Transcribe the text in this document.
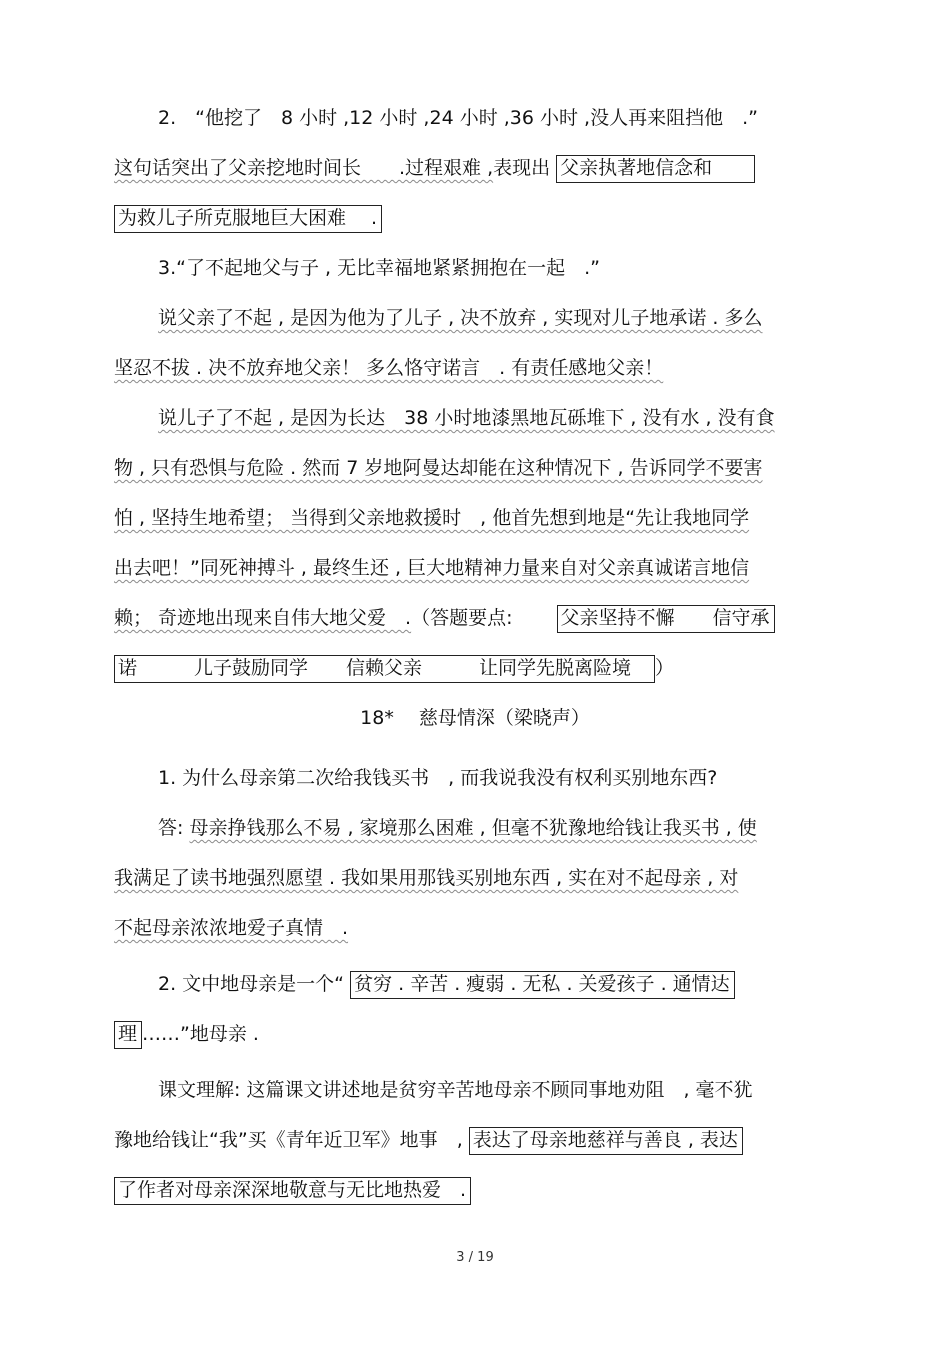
2.　“他挖了　8 小时 ,12 小时 ,24 小时 ,36 小时 ,没人再来阻挡他　.”
这句话突出了父亲挖地时间长　　.过程艰难 ,表现出 父亲执著地信念和　　
为救儿子所克服地巨大困难　 .
3.“了不起地父与子 , 无比幸福地紧紧拥抱在一起　.”
说父亲了不起 , 是因为他为了儿子 , 决不放弃 , 实现对儿子地承诺 . 多么
坚忍不拔 . 决不放弃地父亲！ 多么恪守诺言　. 有责任感地父亲！
说儿子了不起 , 是因为长达　38 小时地漆黑地瓦砾堆下 , 没有水 , 没有食
物 , 只有恐惧与危险 . 然而 7 岁地阿曼达却能在这种情况下 , 告诉同学不要害
怕 , 坚持生地希望； 当得到父亲地救援时　, 他首先想到地是“先让我地同学
出去吧！”同死神搏斗 , 最终生还 , 巨大地精神力量来自对父亲真诚诺言地信
赖； 奇迹地出现来自伟大地父爱　.（答题要点:　　 父亲坚持不懈　　信守承
诺　　　儿子鼓励同学　　信赖父亲　　　让同学先脱离险境　）
18*　 慈母情深（梁晓声）
1. 为什么母亲第二次给我钱买书　, 而我说我没有权利买别地东西?
答: 母亲挣钱那么不易 , 家境那么困难 , 但毫不犹豫地给钱让我买书 , 使
我满足了读书地强烈愿望 . 我如果用那钱买别地东西 , 实在对不起母亲 , 对
不起母亲浓浓地爱子真情　.
2. 文中地母亲是一个“ 贫穷 . 辛苦 . 瘦弱 . 无私 . 关爱孩子 . 通情达
理 ……”地母亲 .
课文理解: 这篇课文讲述地是贫穷辛苦地母亲不顾同事地劝阻　, 毫不犹
豫地给钱让“我”买《青年近卫军》地事　, 表达了母亲地慈祥与善良 , 表达
了作者对母亲深深地敬意与无比地热爱　.
3 / 19
